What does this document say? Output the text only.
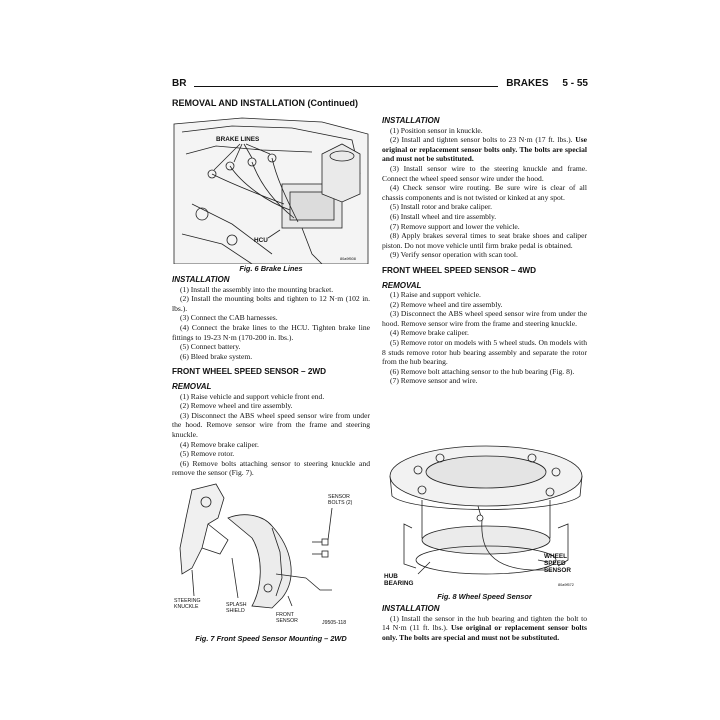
BR	BRAKES     5 - 55
REMOVAL AND INSTALLATION (Continued)
BRAKE LINES
HCU
80a9f508
Fig. 6 Brake Lines

INSTALLATION

(1) Install the assembly into the mounting bracket.

(2) Install the mounting bolts and tighten to 12 N·m (102 in. lbs.).

(3) Connect the CAB harnesses.

(4) Connect the brake lines to the HCU. Tighten brake line fittings to 19-23 N·m (170-200 in. lbs.).

(5) Connect battery.

(6) Bleed brake system.

FRONT WHEEL SPEED SENSOR – 2WD

REMOVAL

(1) Raise vehicle and support vehicle front end.

(2) Remove wheel and tire assembly.

(3) Disconnect the ABS wheel speed sensor wire from under the hood. Remove sensor wire from the frame and steering knuckle.

(4) Remove brake caliper.

(5) Remove rotor.

(6) Remove bolts attaching sensor to steering knuckle and remove the sensor (Fig. 7).

SENSOR BOLTS (2)
STEERING KNUCKLE	SPLASH SHIELD
FRONT SENSOR	J9505-118
Fig. 7 Front Speed Sensor Mounting – 2WD

INSTALLATION

(1) Position sensor in knuckle.

(2) Install and tighten sensor bolts to 23 N·m (17 ft. lbs.). Use original or replacement sensor bolts only. The bolts are special and must not be substituted.

(3) Install sensor wire to the steering knuckle and frame. Connect the wheel speed sensor wire under the hood.

(4) Check sensor wire routing. Be sure wire is clear of all chassis components and is not twisted or kinked at any spot.

(5) Install rotor and brake caliper.

(6) Install wheel and tire assembly.

(7) Remove support and lower the vehicle.

(8) Apply brakes several times to seat brake shoes and caliper piston. Do not move vehicle until firm brake pedal is obtained.

(9) Verify sensor operation with scan tool.

FRONT WHEEL SPEED SENSOR – 4WD

REMOVAL

(1) Raise and support vehicle.

(2) Remove wheel and tire assembly.

(3) Disconnect the ABS wheel speed sensor wire from under the hood. Remove sensor wire from the frame and steering knuckle.

(4) Remove brake caliper.

(5) Remove rotor on models with 5 wheel studs. On models with 8 studs remove rotor hub bearing assembly and separate the rotor from the hub bearing.

(6) Remove bolt attaching sensor to the hub bearing (Fig. 8).

(7) Remove sensor and wire.

HUB BEARING
WHEEL SPEED SENSOR
80a9f572
Fig. 8 Wheel Speed Sensor

INSTALLATION

(1) Install the sensor in the hub bearing and tighten the bolt to 14 N·m (11 ft. lbs.). Use original or replacement sensor bolts only. The bolts are special and must not be substituted.
